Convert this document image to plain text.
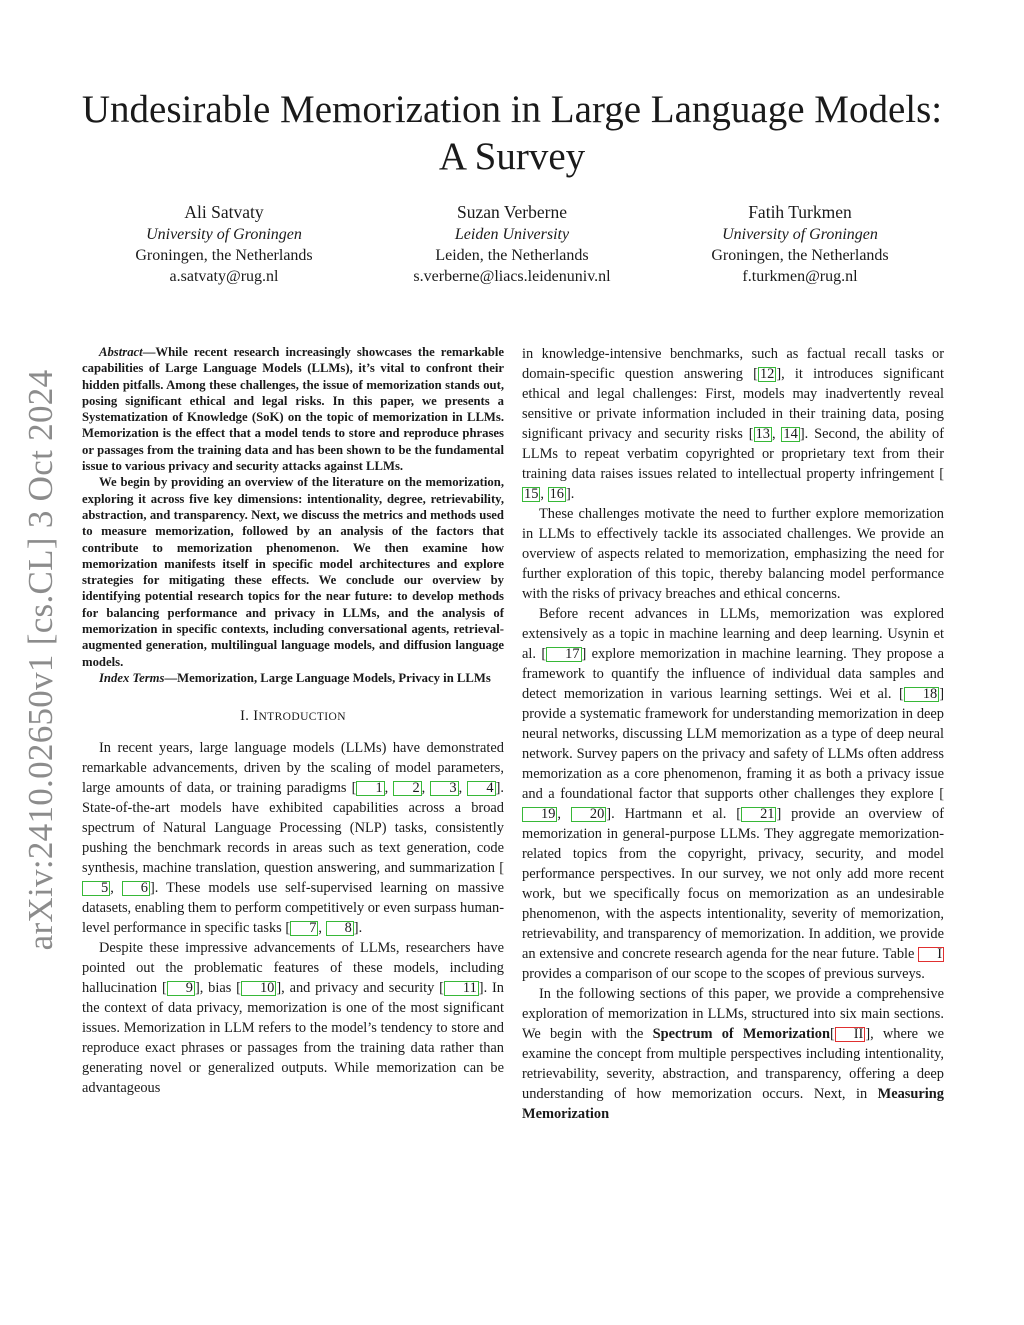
arXiv:2410.02650v1 [cs.CL] 3 Oct 2024
Undesirable Memorization in Large Language Models: A Survey
Ali Satvaty
University of Groningen
Groningen, the Netherlands
a.satvaty@rug.nl
Suzan Verberne
Leiden University
Leiden, the Netherlands
s.verberne@liacs.leidenuniv.nl
Fatih Turkmen
University of Groningen
Groningen, the Netherlands
f.turkmen@rug.nl

Abstract—While recent research increasingly showcases the remarkable capabilities of Large Language Models (LLMs), it’s vital to confront their hidden pitfalls. Among these challenges, the issue of memorization stands out, posing significant ethical and legal risks. In this paper, we presents a Systematization of Knowledge (SoK) on the topic of memorization in LLMs. Memorization is the effect that a model tends to store and reproduce phrases or passages from the training data and has been shown to be the fundamental issue to various privacy and security attacks against LLMs.

We begin by providing an overview of the literature on the memorization, exploring it across five key dimensions: intentionality, degree, retrievability, abstraction, and transparency. Next, we discuss the metrics and methods used to measure memorization, followed by an analysis of the factors that contribute to memorization phenomenon. We then examine how memorization manifests itself in specific model architectures and explore strategies for mitigating these effects. We conclude our overview by identifying potential research topics for the near future: to develop methods for balancing performance and privacy in LLMs, and the analysis of memorization in specific contexts, including conversational agents, retrieval-augmented generation, multilingual language models, and diffusion language models.

Index Terms—Memorization, Large Language Models, Privacy in LLMs

I. INTRODUCTION

In recent years, large language models (LLMs) have demonstrated remarkable advancements, driven by the scaling of model parameters, large amounts of data, or training paradigms [ 1 , 2 , 3 , 4 ]. State-of-the-art models have exhibited capabilities across a broad spectrum of Natural Language Processing (NLP) tasks, consistently pushing the benchmark records in areas such as text generation, code synthesis, machine translation, question answering, and summarization [5 , 6 ]. These models use self-supervised learning on massive datasets, enabling them to perform competitively or even surpass human-level performance in specific tasks [ 7 , 8 ].

Despite these impressive advancements of LLMs, researchers have pointed out the problematic features of these models, including hallucination [ 9 ], bias [ 10 ], and privacy and security [ 11 ]. In the context of data privacy, memorization is one of the most significant issues. Memorization in LLM refers to the model’s tendency to store and reproduce exact phrases or passages from the training data rather than generating novel or generalized outputs. While memorization can be advantageous

in knowledge-intensive benchmarks, such as factual recall tasks or domain-specific question answering [ 12 ], it introduces significant ethical and legal challenges: First, models may inadvertently reveal sensitive or private information included in their training data, posing significant privacy and security risks [ 13 , 14 ]. Second, the ability of LLMs to repeat verbatim copyrighted or proprietary text from their training data raises issues related to intellectual property infringement [15 , 16 ].

These challenges motivate the need to further explore memorization in LLMs to effectively tackle its associated challenges. We provide an overview of aspects related to memorization, emphasizing the need for further exploration of this topic, thereby balancing model performance with the risks of privacy breaches and ethical concerns.

Before recent advances in LLMs, memorization was explored extensively as a topic in machine learning and deep learning. Usynin et al. [ 17 ] explore memorization in machine learning. They propose a framework to quantify the influence of individual data samples and detect memorization in various learning settings. Wei et al. [ 18 ] provide a systematic framework for understanding memorization in deep neural networks, discussing LLM memorization as a type of deep neural network. Survey papers on the privacy and safety of LLMs often address memorization as a core phenomenon, framing it as both a privacy issue and a foundational factor that supports other challenges they explore [19 , 20 ]. Hartmann et al. [ 21 ] provide an overview of memorization in general-purpose LLMs. They aggregate memorization-related topics from the copyright, privacy, security, and model performance perspectives. In our survey, we not only add more recent work, but we specifically focus on memorization as an undesirable phenomenon, with the aspects intentionality, severity of memorization, retrievability, and transparency of memorization. In addition, we provide an extensive and concrete research agenda for the near future. Table I provides a comparison of our scope to the scopes of previous surveys.

In the following sections of this paper, we provide a comprehensive exploration of memorization in LLMs, structured into six main sections. We begin with the Spectrum of Memorization[ II ], where we examine the concept from multiple perspectives including intentionality, retrievability, severity, abstraction, and transparency, offering a deep understanding of how memorization occurs. Next, in Measuring Memorization
